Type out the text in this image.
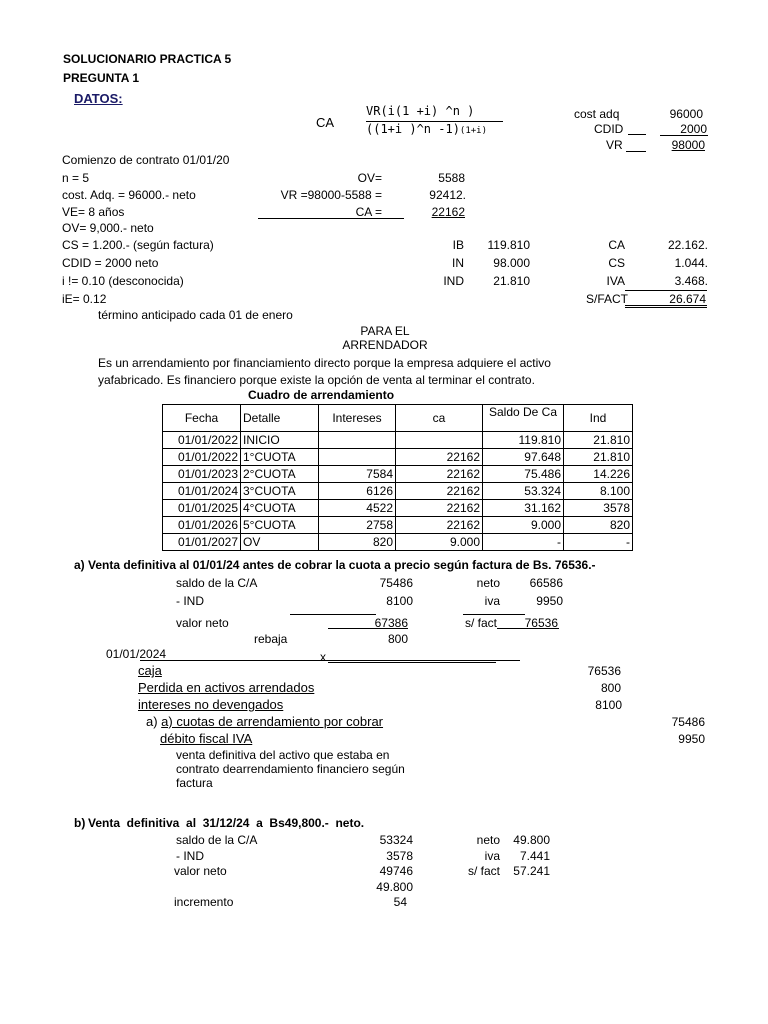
SOLUCIONARIO PRACTICA 5
PREGUNTA 1
DATOS:
CA
VR(i(1 +i) ^n )
((1+i )^n -1)(1+i)
cost adq	96000
CDID	2000
VR	98000
Comienzo de contrato 01/01/20
n = 5
cost. Adq. = 96000.- neto
VE= 8 años
OV= 9,000.- neto
CS = 1.200.- (según factura)
CDID = 2000 neto
i != 0.10 (desconocida)
iE= 0.12
OV=	5588
VR =98000-5588 =	92412.
CA =	22162
IB	119.810
IN	98.000
IND	21.810
CA	22.162.
CS	1.044.
IVA	3.468.
S/FACT	26.674
término anticipado cada 01 de enero
PARA EL
ARRENDADOR
Es un arrendamiento por financiamiento directo porque la empresa adquiere el activo
yafabricado. Es financiero porque existe la opción de venta al terminar el contrato.
Cuadro de arrendamiento
Fecha	Detalle	Intereses	ca	Saldo De Ca	Ind
01/01/2022	INICIO			119.810	21.810
01/01/2022	1°CUOTA		22162	97.648	21.810
01/01/2023	2°CUOTA	7584	22162	75.486	14.226
01/01/2024	3°CUOTA	6126	22162	53.324	8.100
01/01/2025	4°CUOTA	4522	22162	31.162	3578
01/01/2026	5°CUOTA	2758	22162	9.000	820
01/01/2027	OV	820	9.000	-	-
a) Venta definitiva al 01/01/24 antes de cobrar la cuota a precio según factura de Bs. 76536.-
saldo de la C/A	75486	neto	66586
- IND	8100	iva	9950
valor neto	67386	s/ fact	76536
rebaja	800
01/01/2024	x
caja	76536
Perdida en activos arrendados	800
intereses no devengados	8100
a) a) cuotas de arrendamiento por cobrar	75486
débito fiscal IVA	9950
venta definitiva del activo que estaba en
contrato dearrendamiento financiero según
factura
b) Venta  definitiva  al  31/12/24  a  Bs49,800.-  neto.
saldo de la C/A	53324	neto	49.800
- IND	3578	iva	7.441
valor neto	49746	s/ fact	57.241
49.800
incremento	54
